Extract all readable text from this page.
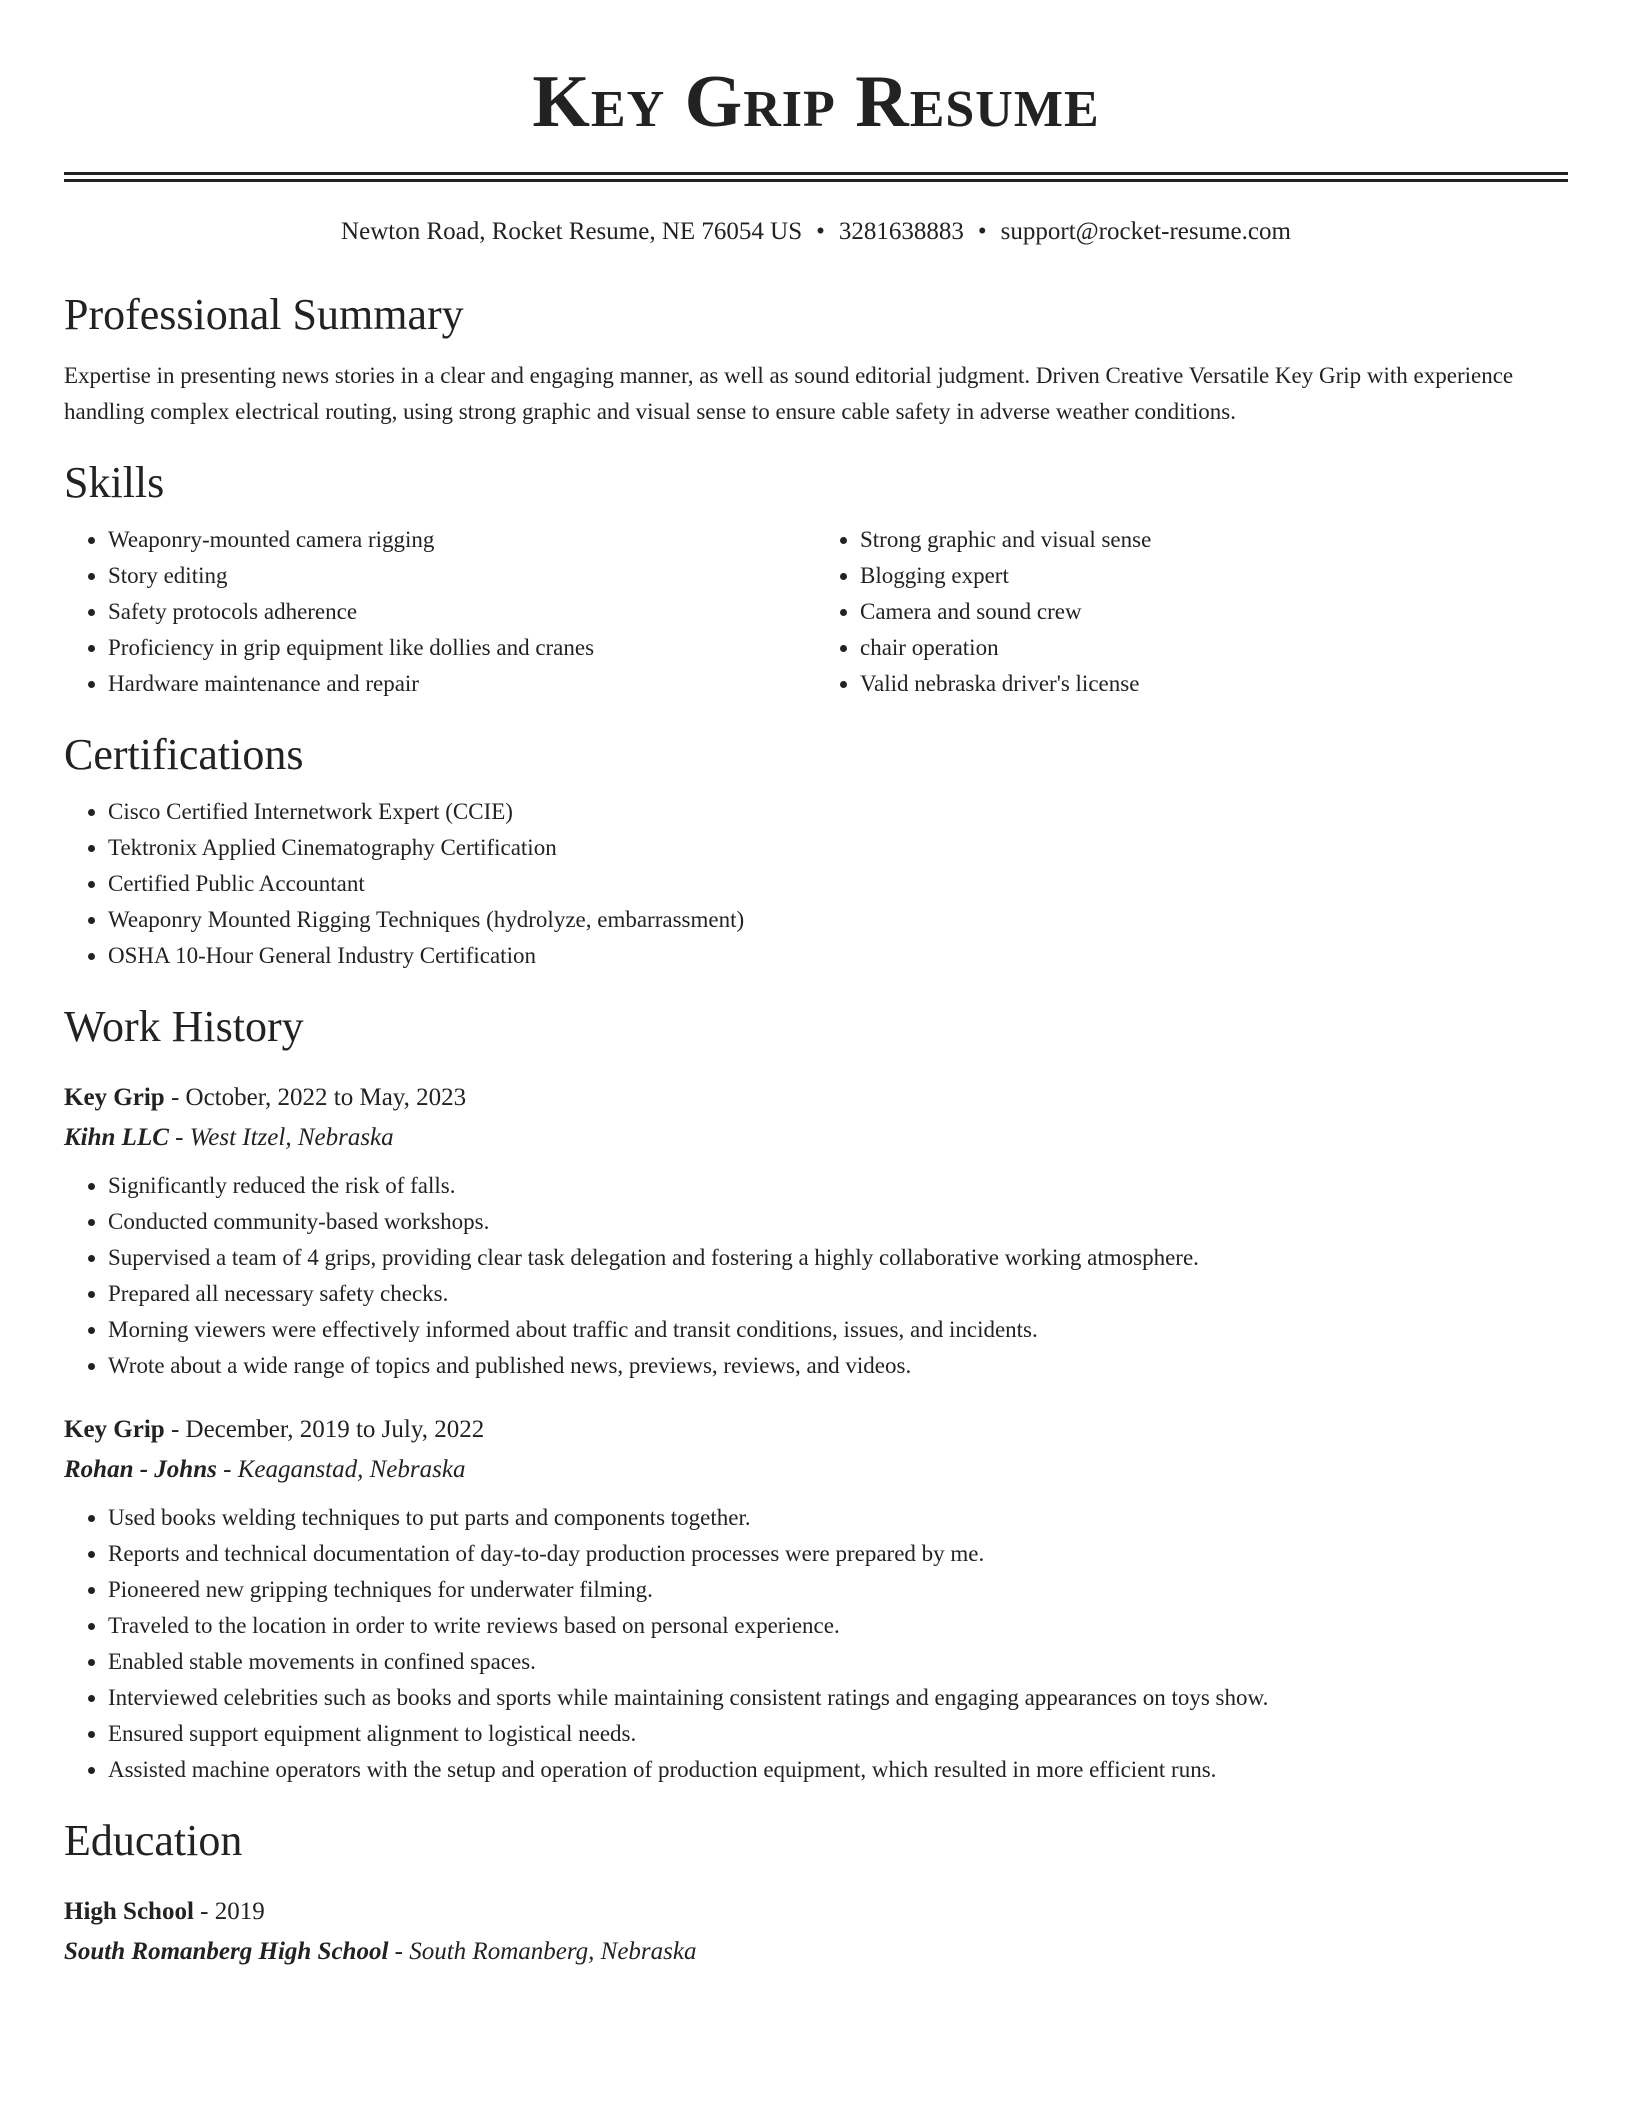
Key Grip Resume
Newton Road, Rocket Resume, NE 76054 US • 3281638883 • support@rocket-resume.com
Professional Summary

Expertise in presenting news stories in a clear and engaging manner, as well as sound editorial judgment. Driven Creative Versatile Key Grip with experience handling complex electrical routing, using strong graphic and visual sense to ensure cable safety in adverse weather conditions.

Skills
• Weaponry-mounted camera rigging
• Story editing
• Safety protocols adherence
• Proficiency in grip equipment like dollies and cranes
• Hardware maintenance and repair
• Strong graphic and visual sense
• Blogging expert
• Camera and sound crew
• chair operation
• Valid nebraska driver's license
Certifications
• Cisco Certified Internetwork Expert (CCIE)
• Tektronix Applied Cinematography Certification
• Certified Public Accountant
• Weaponry Mounted Rigging Techniques (hydrolyze, embarrassment)
• OSHA 10-Hour General Industry Certification
Work History
Key Grip - October, 2022 to May, 2023
Kihn LLC - West Itzel, Nebraska
• Significantly reduced the risk of falls.
• Conducted community-based workshops.
• Supervised a team of 4 grips, providing clear task delegation and fostering a highly collaborative working atmosphere.
• Prepared all necessary safety checks.
• Morning viewers were effectively informed about traffic and transit conditions, issues, and incidents.
• Wrote about a wide range of topics and published news, previews, reviews, and videos.
Key Grip - December, 2019 to July, 2022
Rohan - Johns - Keaganstad, Nebraska
• Used books welding techniques to put parts and components together.
• Reports and technical documentation of day-to-day production processes were prepared by me.
• Pioneered new gripping techniques for underwater filming.
• Traveled to the location in order to write reviews based on personal experience.
• Enabled stable movements in confined spaces.
• Interviewed celebrities such as books and sports while maintaining consistent ratings and engaging appearances on toys show.
• Ensured support equipment alignment to logistical needs.
• Assisted machine operators with the setup and operation of production equipment, which resulted in more efficient runs.
Education
High School - 2019
South Romanberg High School - South Romanberg, Nebraska
